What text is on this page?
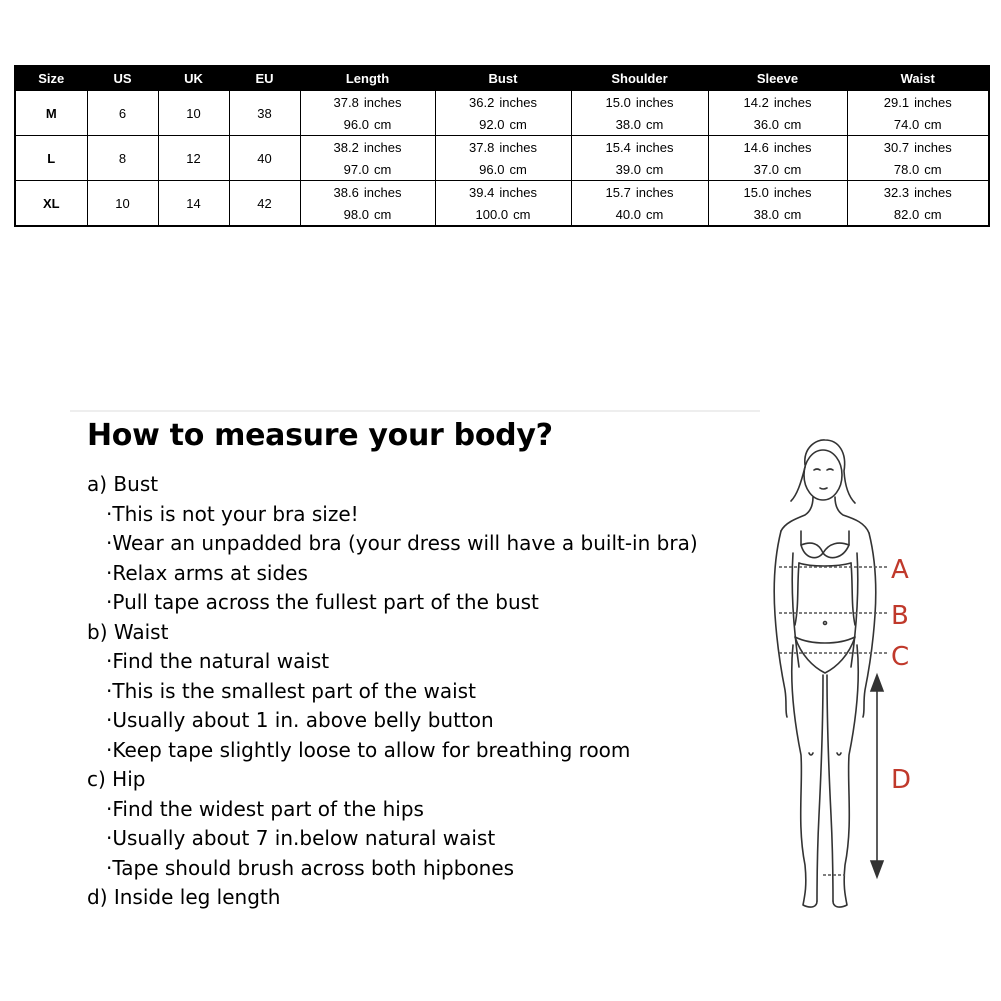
Size	US	UK	EU	Length	Bust	Shoulder	Sleeve	Waist
M	6	10	38	37.8 inches	36.2 inches	15.0 inches	14.2 inches	29.1 inches
				96.0 cm	92.0 cm	38.0 cm	36.0 cm	74.0 cm
L	8	12	40	38.2 inches	37.8 inches	15.4 inches	14.6 inches	30.7 inches
				97.0 cm	96.0 cm	39.0 cm	37.0 cm	78.0 cm
XL	10	14	42	38.6 inches	39.4 inches	15.7 inches	15.0 inches	32.3 inches
				98.0 cm	100.0 cm	40.0 cm	38.0 cm	82.0 cm
How to measure your body?
a) Bust
·This is not your bra size!
·Wear an unpadded bra (your dress will have a built-in bra)
·Relax arms at sides
·Pull tape across the fullest part of the bust
b) Waist
·Find the natural waist
·This is the smallest part of the waist
·Usually about 1 in. above belly button
·Keep tape slightly loose to allow for breathing room
c) Hip
·Find the widest part of the hips
·Usually about 7 in.below natural waist
·Tape should brush across both hipbones
d) Inside leg length
A
B
C
D
